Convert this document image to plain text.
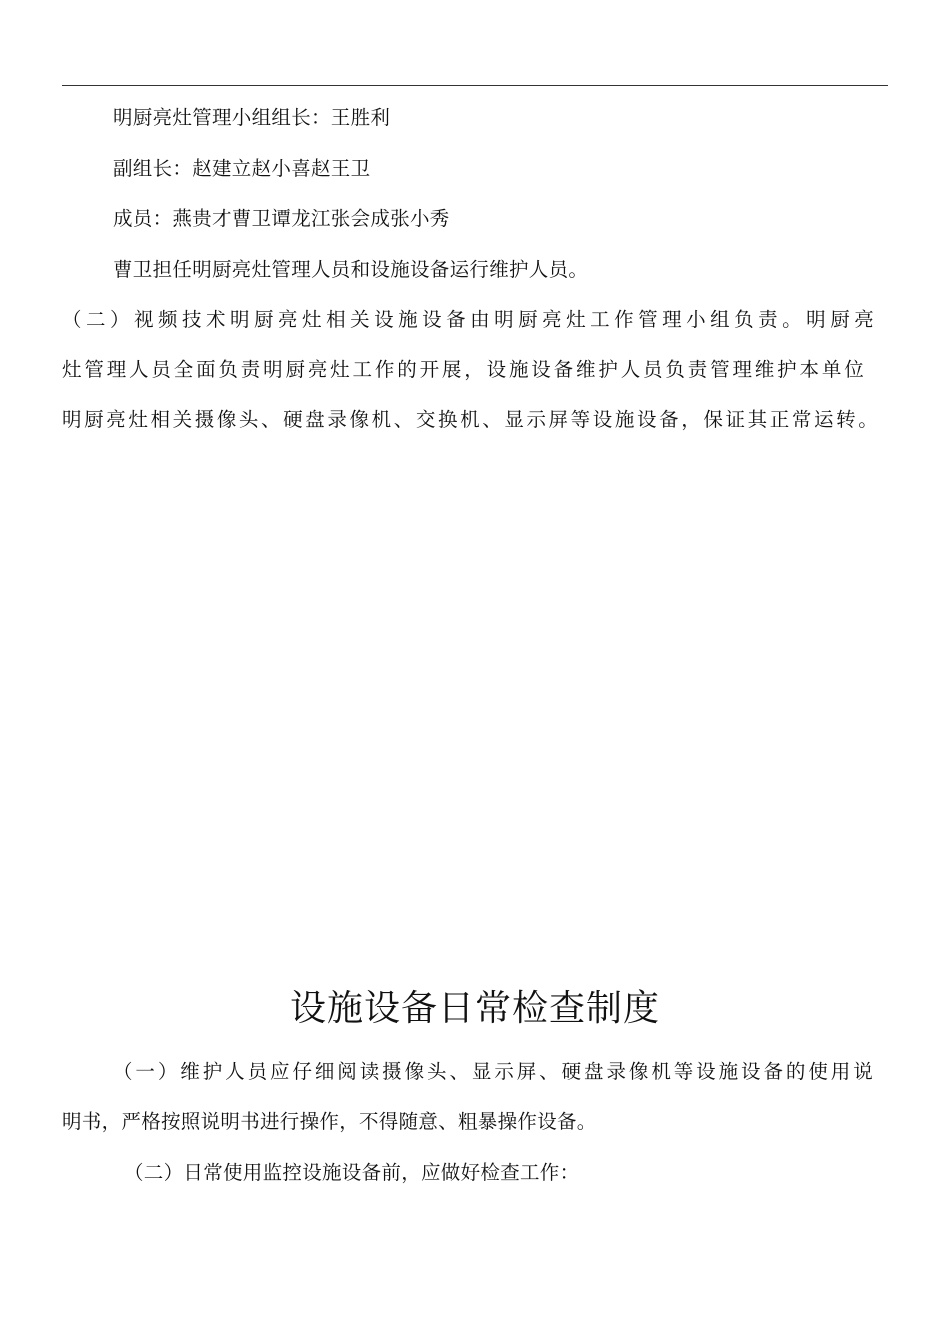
明厨亮灶管理小组组长：王胜利
副组长：赵建立赵小喜赵王卫
成员：燕贵才曹卫谭龙江张会成张小秀
曹卫担任明厨亮灶管理人员和设施设备运行维护人员。
（二）视频技术明厨亮灶相关设施设备由明厨亮灶工作管理小组负责。明厨亮
灶管理人员全面负责明厨亮灶工作的开展，设施设备维护人员负责管理维护本单位
明厨亮灶相关摄像头、硬盘录像机、交换机、显示屏等设施设备，保证其正常运转。
设施设备日常检查制度
（一）维护人员应仔细阅读摄像头、显示屏、硬盘录像机等设施设备的使用说
明书，严格按照说明书进行操作，不得随意、粗暴操作设备。
（二）日常使用监控设施设备前，应做好检查工作：
